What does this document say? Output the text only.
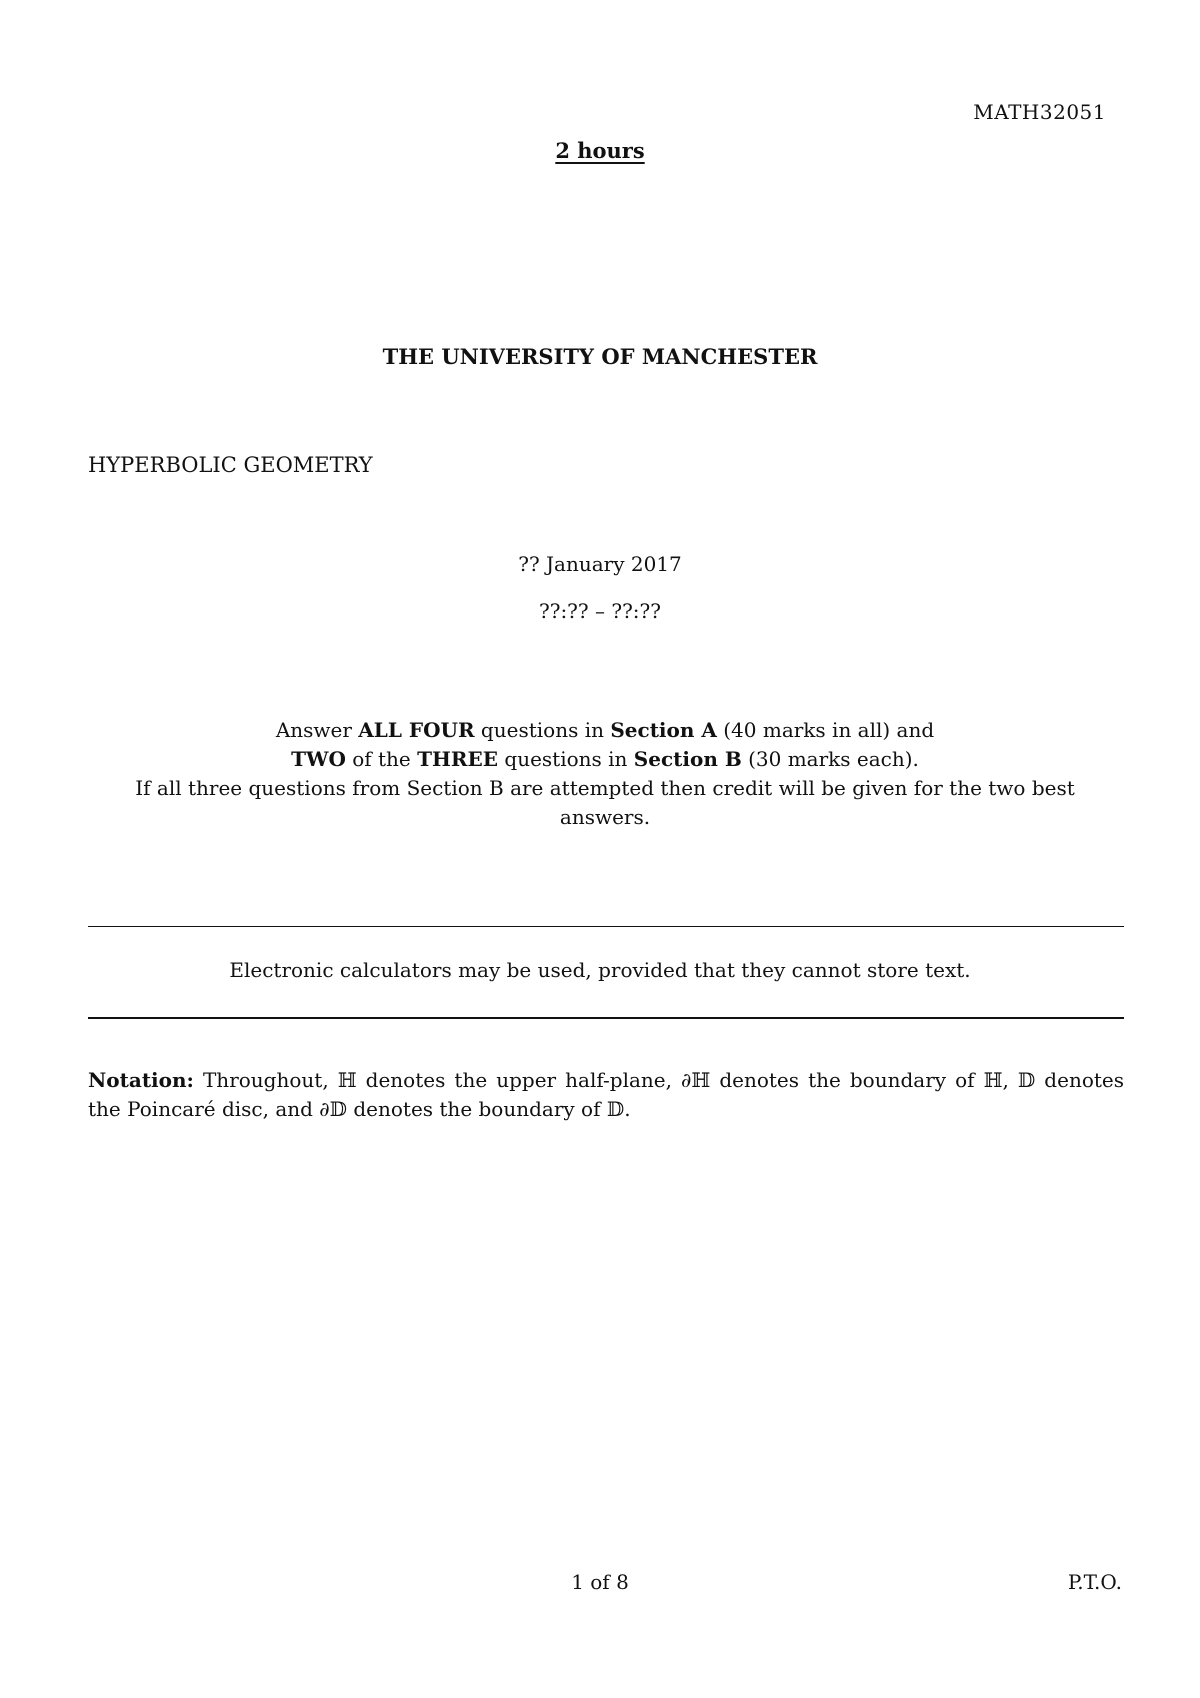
MATH32051
2 hours
THE UNIVERSITY OF MANCHESTER
HYPERBOLIC GEOMETRY
?? January 2017
??:?? – ??:??
Answer ALL FOUR questions in Section A (40 marks in all) and
TWO of the THREE questions in Section B (30 marks each).
If all three questions from Section B are attempted then credit will be given for the two best answers.
Electronic calculators may be used, provided that they cannot store text.
Notation: Throughout, ℍ denotes the upper half-plane, ∂ℍ denotes the boundary of ℍ, 𝔻 denotes the Poincaré disc, and ∂𝔻 denotes the boundary of 𝔻.
1 of 8	P.T.O.
